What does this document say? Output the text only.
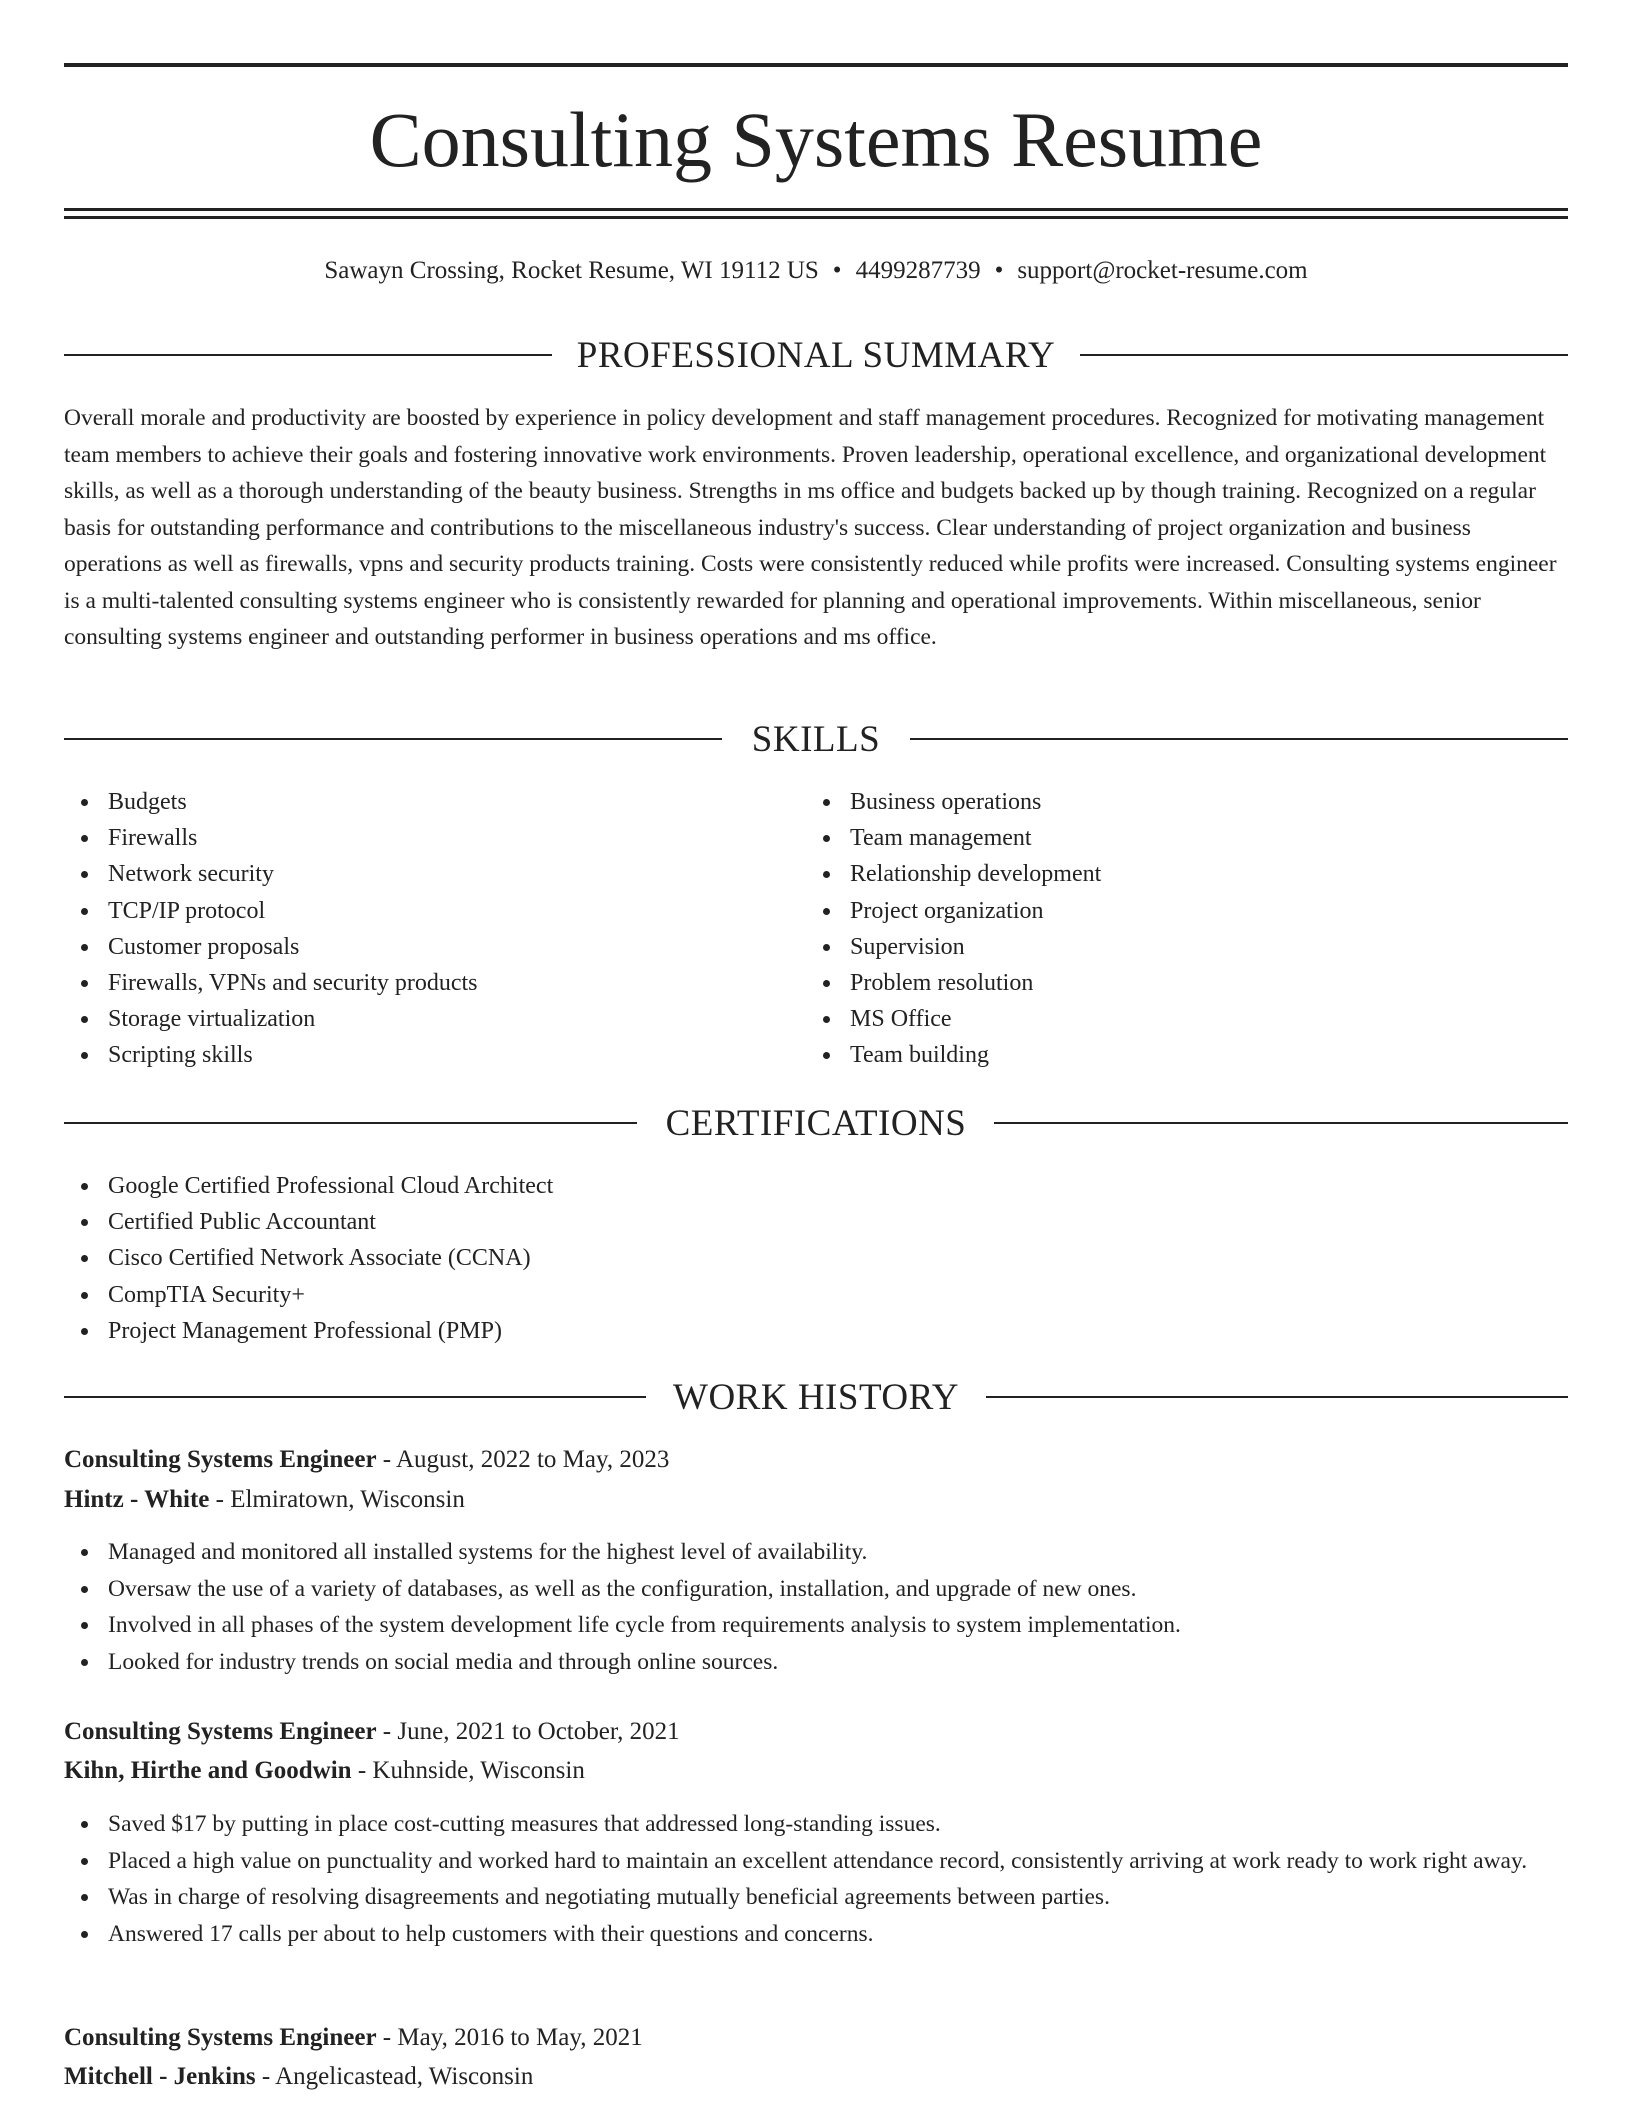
Consulting Systems Resume
Sawayn Crossing, Rocket Resume, WI 19112 US • 4499287739 • support@rocket-resume.com
PROFESSIONAL SUMMARY

Overall morale and productivity are boosted by experience in policy development and staff management procedures. Recognized for motivating management team members to achieve their goals and fostering innovative work environments. Proven leadership, operational excellence, and organizational development skills, as well as a thorough understanding of the beauty business. Strengths in ms office and budgets backed up by though training. Recognized on a regular basis for outstanding performance and contributions to the miscellaneous industry's success. Clear understanding of project organization and business operations as well as firewalls, vpns and security products training. Costs were consistently reduced while profits were increased. Consulting systems engineer is a multi-talented consulting systems engineer who is consistently rewarded for planning and operational improvements. Within miscellaneous, senior consulting systems engineer and outstanding performer in business operations and ms office.

SKILLS
Budgets
Firewalls
Network security
TCP/IP protocol
Customer proposals
Firewalls, VPNs and security products
Storage virtualization
Scripting skills
Business operations
Team management
Relationship development
Project organization
Supervision
Problem resolution
MS Office
Team building
CERTIFICATIONS
Google Certified Professional Cloud Architect
Certified Public Accountant
Cisco Certified Network Associate (CCNA)
CompTIA Security+
Project Management Professional (PMP)
WORK HISTORY
Consulting Systems Engineer - August, 2022 to May, 2023
Hintz - White - Elmiratown, Wisconsin
Managed and monitored all installed systems for the highest level of availability.
Oversaw the use of a variety of databases, as well as the configuration, installation, and upgrade of new ones.
Involved in all phases of the system development life cycle from requirements analysis to system implementation.
Looked for industry trends on social media and through online sources.
Consulting Systems Engineer - June, 2021 to October, 2021
Kihn, Hirthe and Goodwin - Kuhnside, Wisconsin
Saved $17 by putting in place cost-cutting measures that addressed long-standing issues.
Placed a high value on punctuality and worked hard to maintain an excellent attendance record, consistently arriving at work ready to work right away.
Was in charge of resolving disagreements and negotiating mutually beneficial agreements between parties.
Answered 17 calls per about to help customers with their questions and concerns.
Consulting Systems Engineer - May, 2016 to May, 2021
Mitchell - Jenkins - Angelicastead, Wisconsin
